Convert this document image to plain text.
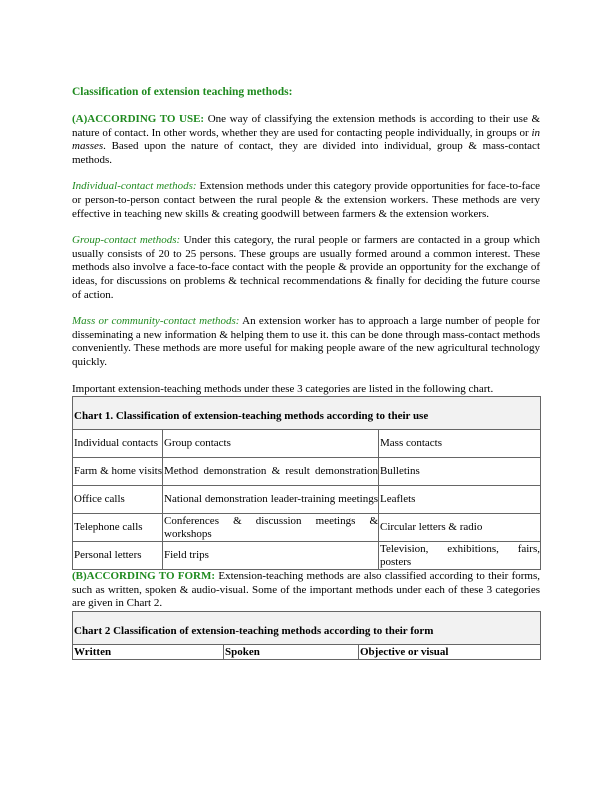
Classification of extension teaching methods:

(A)ACCORDING TO USE: One way of classifying the extension methods is according to their use & nature of contact. In other words, whether they are used for contacting people individually, in groups or in masses. Based upon the nature of contact, they are divided into individual, group & mass-contact methods.

Individual-contact methods: Extension methods under this category provide opportunities for face-to-face or person-to-person contact between the rural people & the extension workers. These methods are very effective in teaching new skills & creating goodwill between farmers & the extension workers.

Group-contact methods: Under this category, the rural people or farmers are contacted in a group which usually consists of 20 to 25 persons. These groups are usually formed around a common interest. These methods also involve a face-to-face contact with the people & provide an opportunity for the exchange of ideas, for discussions on problems & technical recommendations & finally for deciding the future course of action.

Mass or community-contact methods: An extension worker has to approach a large number of people for disseminating a new information & helping them to use it. this can be done through mass-contact methods conveniently. These methods are more useful for making people aware of the new agricultural technology quickly.

Important extension-teaching methods under these 3 categories are listed in the following chart.

Chart 1. Classification of extension-teaching methods according to their use		
Individual contacts	Group contacts	Mass contacts
Farm & home visits	Method demonstration & result demonstration	Bulletins
Office calls	National demonstration leader-training meetings	Leaflets
Telephone calls	Conferences & discussion meetings & workshops	Circular letters & radio
Personal letters	Field trips	Television, exhibitions, fairs, posters

(B)ACCORDING TO FORM: Extension-teaching methods are also classified according to their forms, such as written, spoken & audio-visual. Some of the important methods under each of these 3 categories are given in Chart 2.

Chart 2 Classification of extension-teaching methods according to their form
Written	Spoken	Objective or visual
